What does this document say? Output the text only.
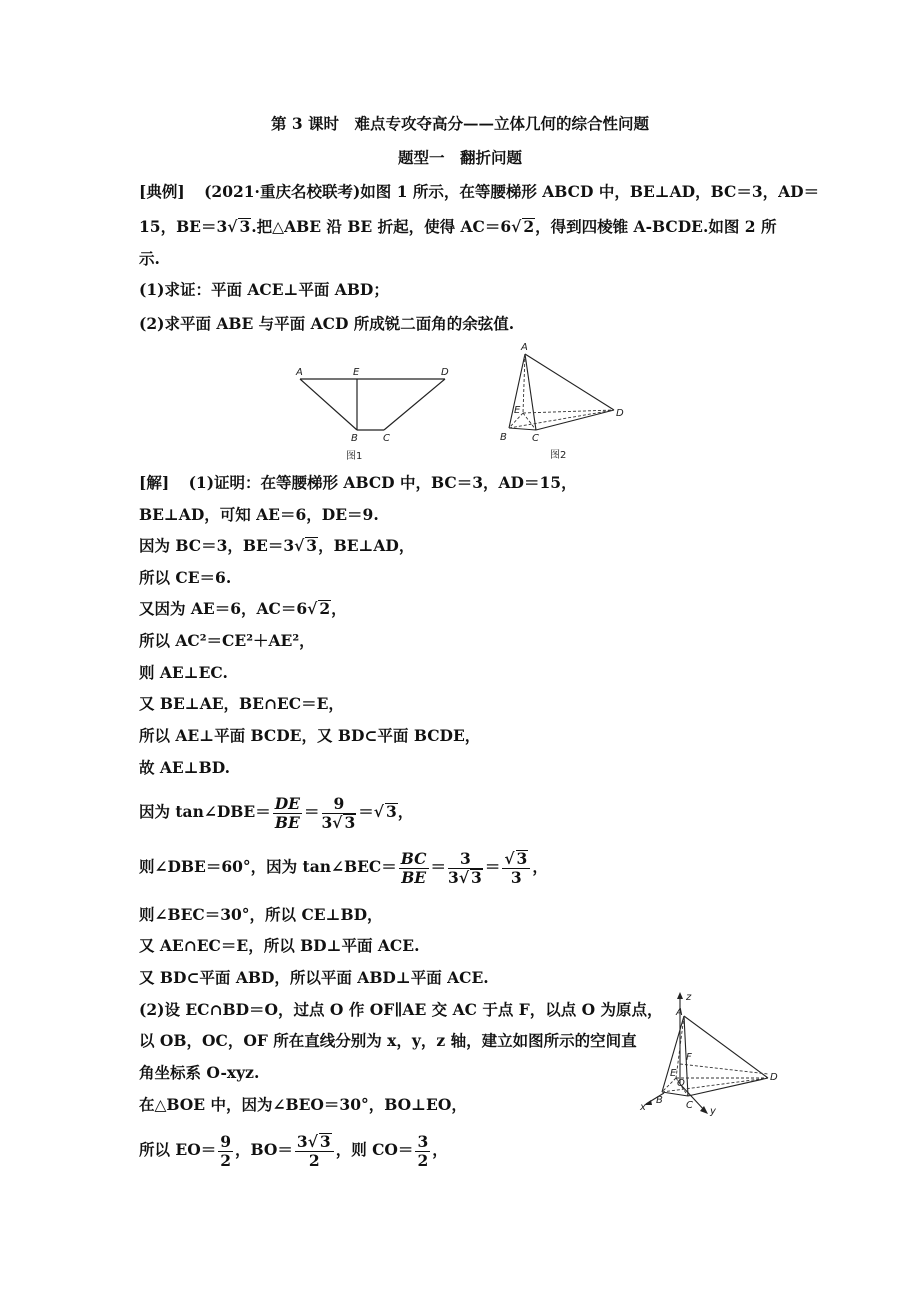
第 3 课时　难点专攻夺高分——立体几何的综合性问题
题型一　翻折问题
[典例] (2021·重庆名校联考)如图 1 所示，在等腰梯形 ABCD 中，BE⊥AD，BC＝3，AD＝
15，BE＝3√ 3.把△ABE 沿 BE 折起，使得 AC＝6√ 2，得到四棱锥 A-BCDE.如图 2 所
示.
(1)求证：平面 ACE⊥平面 ABD；
(2)求平面 ABE 与平面 ACD 所成锐二面角的余弦值.
A	E	D
B	C
图1
A
E	D
B	C
图2
[解] (1)证明：在等腰梯形 ABCD 中，BC＝3，AD＝15，
BE⊥AD，可知 AE＝6，DE＝9.
因为 BC＝3，BE＝3√ 3，BE⊥AD，
所以 CE＝6.
又因为 AE＝6，AC＝6√ 2，
所以 AC²＝CE²＋AE²，
则 AE⊥EC.
又 BE⊥AE，BE∩EC＝E，
所以 AE⊥平面 BCDE，又 BD⊂平面 BCDE，
故 AE⊥BD.
因为 tan∠DBE＝ $\frac{DE}{BE} = \frac{9}{3√ 3}$ ＝√ 3，
则∠DBE＝60°，因为 tan∠BEC＝ $\frac{BC}{BE} = \frac{3}{3√ 3} = \frac{√ 3}{3}$ ，
则∠BEC＝30°，所以 CE⊥BD，
又 AE∩EC＝E，所以 BD⊥平面 ACE.
又 BD⊂平面 ABD，所以平面 ABD⊥平面 ACE.
(2)设 EC∩BD＝O，过点 O 作 OF∥AE 交 AC 于点 F，以点 O 为原点，
以 OB，OC，OF 所在直线分别为 x，y，z 轴，建立如图所示的空间直
角坐标系 O-xyz.
在△BOE 中，因为∠BEO＝30°，BO⊥EO，
所以 $EO= \frac{9}{2}$ ，$BO= \frac{3√ 3}{2}$ ，则 $CO= \frac{3}{2}$ ，
z
A
F
O
E	D
x
B C
y
